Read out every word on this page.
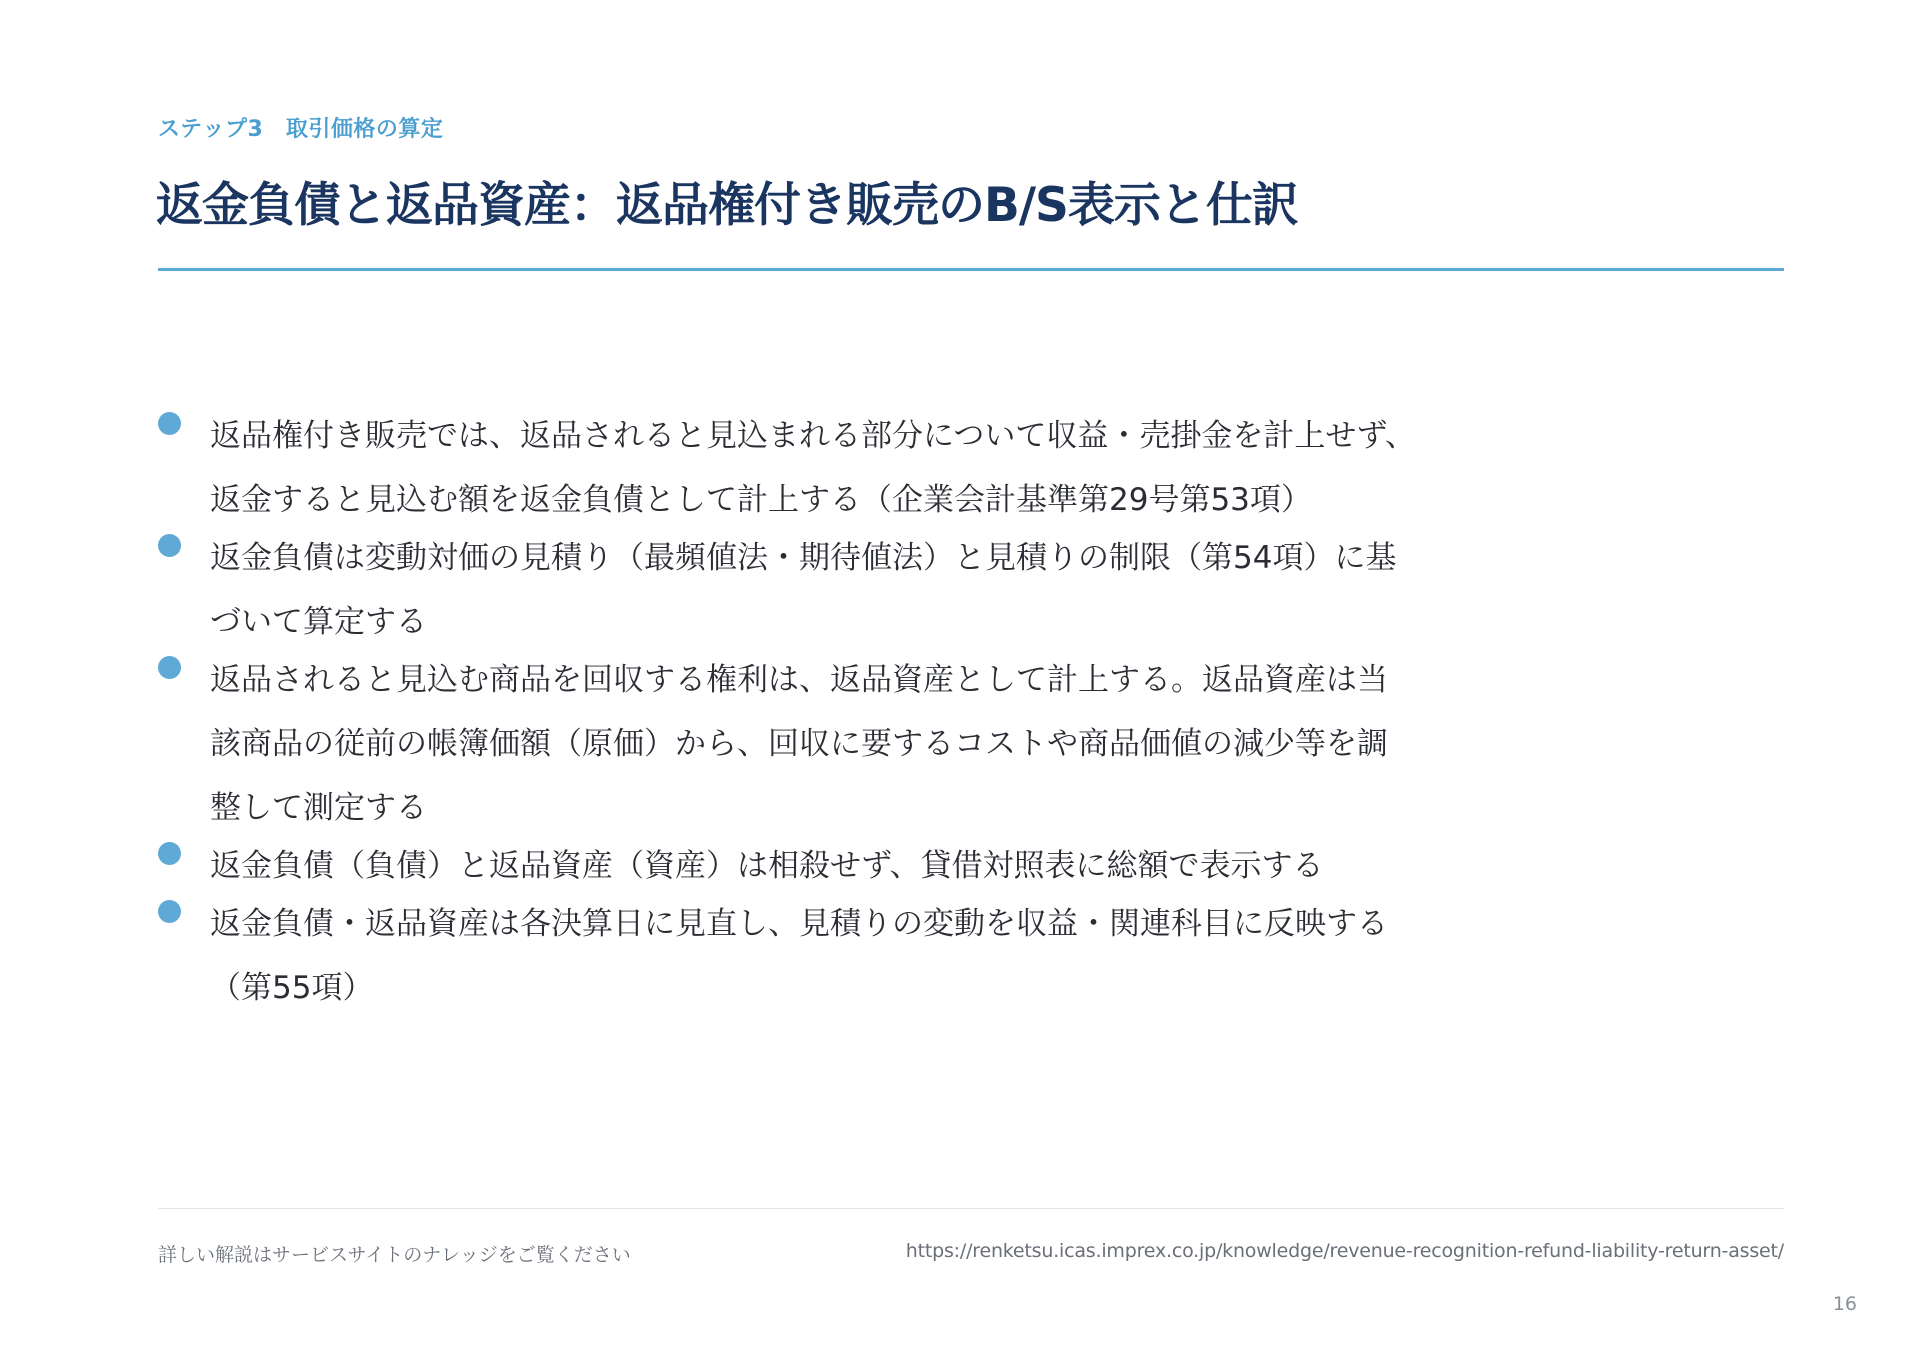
ステップ3　取引価格の算定
返金負債と返品資産：返品権付き販売のB/S表示と仕訳
返品権付き販売では、返品されると見込まれる部分について収益・売掛金を計上せず、
返金すると見込む額を返金負債として計上する（企業会計基準第29号第53項）
返金負債は変動対価の見積り（最頻値法・期待値法）と見積りの制限（第54項）に基
づいて算定する
返品されると見込む商品を回収する権利は、返品資産として計上する。返品資産は当
該商品の従前の帳簿価額（原価）から、回収に要するコストや商品価値の減少等を調
整して測定する
返金負債（負債）と返品資産（資産）は相殺せず、貸借対照表に総額で表示する
返金負債・返品資産は各決算日に見直し、見積りの変動を収益・関連科目に反映する
（第55項）
詳しい解説はサービスサイトのナレッジをご覧ください	https://renketsu.icas.imprex.co.jp/knowledge/revenue-recognition-refund-liability-return-asset/
16
